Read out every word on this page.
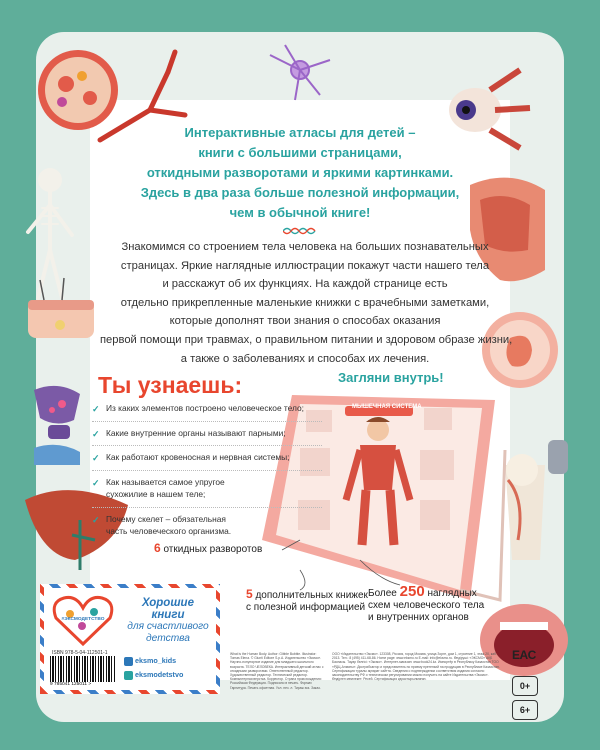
Интерактивные атласы для детей –
книги с большими страницами,
откидными разворотами и яркими картинками.
Здесь в два раза больше полезной информации,
чем в обычной книге!
Знакомимся со строением тела человека на больших познавательных
страницах. Яркие наглядные иллюстрации покажут части нашего тела
и расскажут об их функциях. На каждой странице есть
отдельно прикрепленные маленькие книжки с врачебными заметками,
которые дополнят твои знания о способах оказания
первой помощи при травмах, о правильном питании и здоровом образе жизни,
а также о заболеваниях и способах их лечения.
Ты узнаешь:	Загляни внутрь!
МЫШЕЧНАЯ СИСТЕМА
✓ Из каких элементов построено человеческое тело;
✓ Какие внутренние органы называют парными;
✓ Как работают кровеносная и нервная системы;
✓ Как называется самое упругое сухожилие в нашем теле;
✓ Почему скелет – обязательная часть человеческого организма.
6 откидных разворотов
5 дополнительных книжек
с полезной информацией
Более 250 наглядных
схем человеческого тела
и внутренних органов
#ЭКСМОДЕТСТВО
Хорошие
книги
для счастливого
детства
ISBN 978-5-04-112501-1
9 785041 125011 >
eksmo_kids
eksmodetstvo
What is the Human Body. Author: Gibble Bubble. Illustrator: Tomas Elena. © Giunti Editore S.p.A. Издательство «Эксмо». Научно-популярное издание для младшего школьного возраста. ТЕЛО ЧЕЛОВЕКА. Интерактивный детский атлас с откидными разворотами. Ответственный редактор. Художественный редактор. Технический редактор. Компьютерная верстка. Корректор. Страна происхождения: Российская Федерация. Подписано в печать. Формат. Гарнитура. Печать офсетная. Усл. печ. л. Тираж экз. Заказ.
ООО «Издательство «Эксмо». 123308, Россия, город Москва, улица Зорге, дом 1, строение 1, этаж 20, каб. 2013. Тел.: 8 (495) 411-68-86. Home page: www.eksmo.ru E-mail: info@eksmo.ru. Өндіруші: «ЭКСМО» АҚБ Баспасы. Тауар белгісі: «Эксмо». Интернет-магазин: www.book24.kz. Импортёр в Республику Казахстан ТОО «РДЦ-Алматы». Дистрибьютор и представитель по приему претензий на продукцию в Республике Казахстан. Сертификация туралы ақпарат сайтта. Сведения о подтверждении соответствия издания согласно законодательству РФ о техническом регулировании можно получить на сайте Издательства «Эксмо». Өндірген мемлекет: Ресей. Сертификация қарастырылмаған.
EAC
0+
6+
